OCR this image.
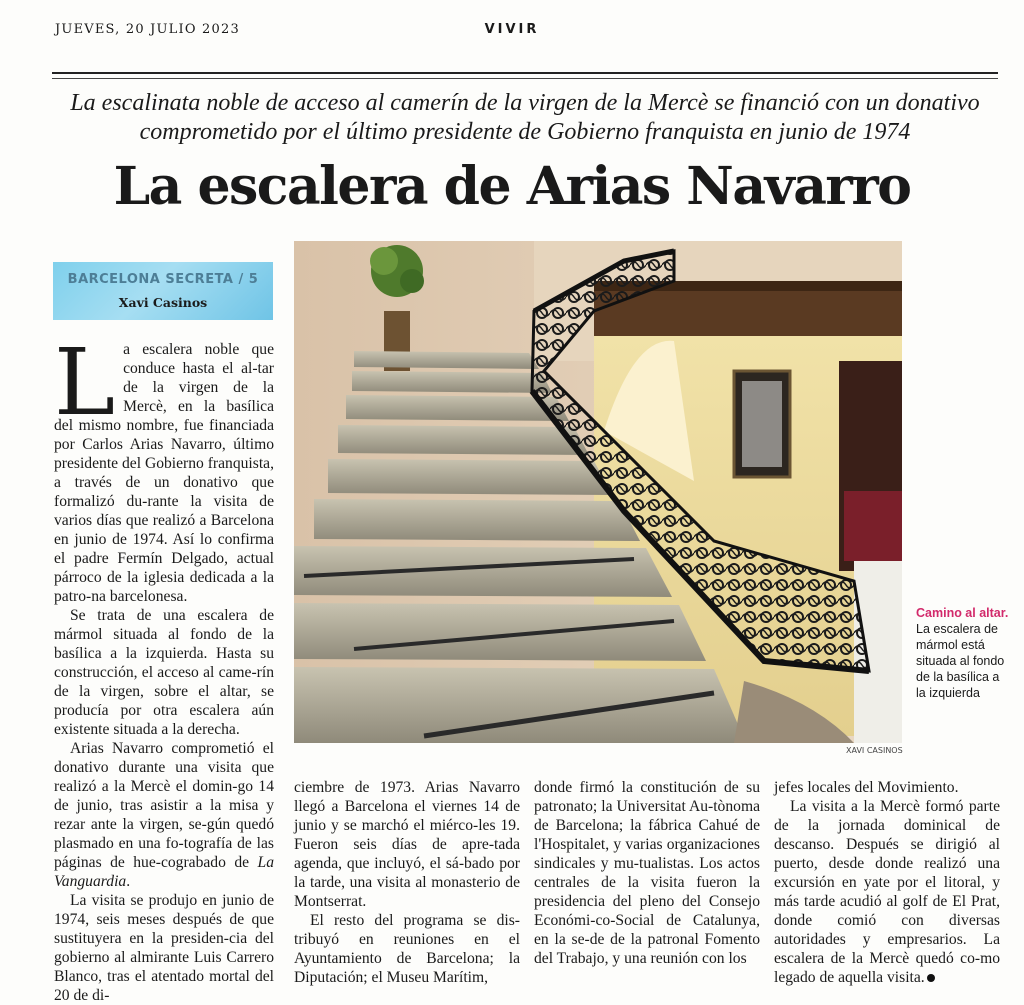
JUEVES, 20 JULIO 2023	VIVIR
La escalinata noble de acceso al camerín de la virgen de la Mercè se financió con un donativo comprometido por el último presidente de Gobierno franquista en junio de 1974
La escalera de Arias Navarro
BARCELONA SECRETA / 5
Xavi Casinos

La escalera noble que conduce hasta el al-tar de la virgen de la Mercè, en la basílica del mismo nombre, fue financiada por Carlos Arias Navarro, último presidente del Gobierno franquista, a través de un donativo que formalizó du-rante la visita de varios días que realizó a Barcelona en junio de 1974. Así lo confirma el padre Fermín Delgado, actual párroco de la iglesia dedicada a la patro-na barcelonesa.

Se trata de una escalera de mármol situada al fondo de la basílica a la izquierda. Hasta su construcción, el acceso al came-rín de la virgen, sobre el altar, se producía por otra escalera aún existente situada a la derecha.

Arias Navarro comprometió el donativo durante una visita que realizó a la Mercè el domin-go 14 de junio, tras asistir a la misa y rezar ante la virgen, se-gún quedó plasmado en una fo-tografía de las páginas de hue-cograbado de La Vanguardia.

La visita se produjo en junio de 1974, seis meses después de que sustituyera en la presiden-cia del gobierno al almirante Luis Carrero Blanco, tras el atentado mortal del 20 de di-

XAVI CASINOS
Camino al altar. La escalera de mármol está situada al fondo de la basílica a la izquierda

ciembre de 1973. Arias Navarro llegó a Barcelona el viernes 14 de junio y se marchó el miérco-les 19. Fueron seis días de apre-tada agenda, que incluyó, el sá-bado por la tarde, una visita al monasterio de Montserrat.

El resto del programa se dis-tribuyó en reuniones en el Ayuntamiento de Barcelona; la Diputación; el Museu Marítim,

donde firmó la constitución de su patronato; la Universitat Au-tònoma de Barcelona; la fábrica Cahué de l'Hospitalet, y varias organizaciones sindicales y mu-tualistas. Los actos centrales de la visita fueron la presidencia del pleno del Consejo Económi-co-Social de Catalunya, en la se-de de la patronal Fomento del Trabajo, y una reunión con los

jefes locales del Movimiento.

La visita a la Mercè formó parte de la jornada dominical de descanso. Después se dirigió al puerto, desde donde realizó una excursión en yate por el litoral, y más tarde acudió al golf de El Prat, donde comió con diversas autoridades y empresarios. La escalera de la Mercè quedó co-mo legado de aquella visita.
